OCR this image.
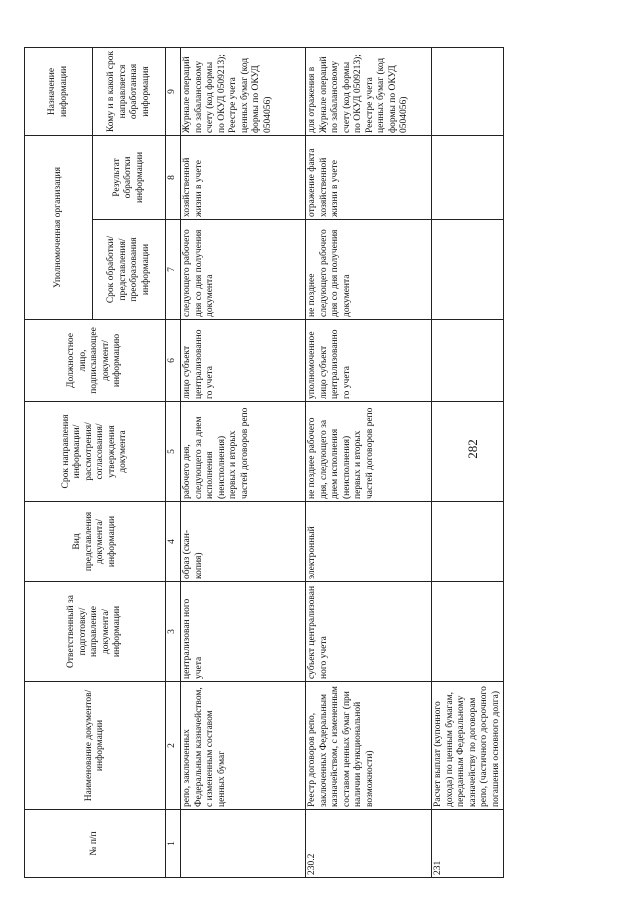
282
№ п/п	Наименование документов/ информации	Ответственный за подготовку/ направление документа/ информации	Вид представления документа/ информации	Срок направления информации/ рассмотрения/ согласования/ утверждения документа	Должностное лицо, подписывающее документ/ информацию	Уполномоченная организация		Назначение информации
						Срок обработки/ представления/ преобразования информации	Результат обработки информации	Кому и в какой срок направляется обработанная информация
1	2	3	4	5	6	7	8	9
	репо, заключенных Федеральным казначейством, с измененным составом ценных бумаг	централизован ного учета	образ (скан-копия)	рабочего дня, следующего за днем исполнения (неисполнения) первых и вторых частей договоров репо	лицо субъект централизованно го учета	следующего рабочего дня со дня получения документа	хозяйственной жизни в учете	Журнале операций по забалансовому счету (код формы по ОКУД 0509213); Реестре учета ценных бумаг (код формы по ОКУД 0504056)
230.2	Реестр договоров репо, заключенных Федеральным казначейством, с измененным составом ценных бумаг (при наличии функциональной возможности)	субъект централизован ного учета	электронный	не позднее рабочего дня, следующего за днем исполнения (неисполнения) первых и вторых частей договоров репо	уполномоченное лицо субъект централизованно го учета	не позднее следующего рабочего дня со дня получения документа	отражение факта хозяйственной жизни в учете	для отражения в Журнале операций по забалансовому счету (код формы по ОКУД 0509213); Реестре учета ценных бумаг (код формы по ОКУД 0504056)
231	Расчет выплат (купонного дохода) по ценным бумагам, переданным Федеральному казначейству по договорам репо, (частичного досрочного погашения основного долга)							
